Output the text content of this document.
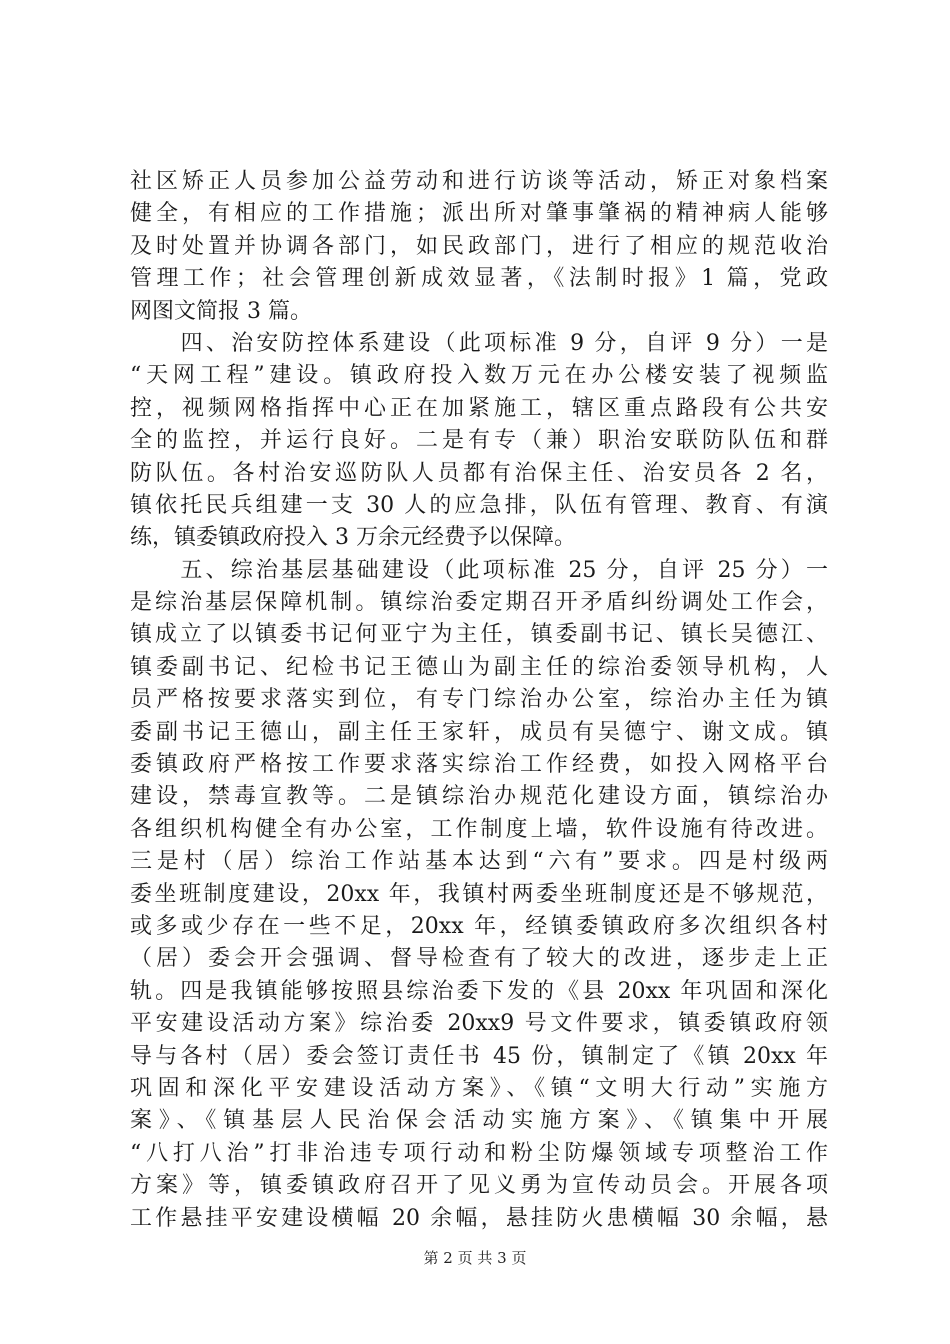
社区矫正人员参加公益劳动和进行访谈等活动，矫正对象档案
健全，有相应的工作措施；派出所对肇事肇祸的精神病人能够
及时处置并协调各部门，如民政部门，进行了相应的规范收治
管理工作；社会管理创新成效显著，《法制时报》1 篇，党政
网图文简报 3 篇。
　　四、治安防控体系建设（此项标准 9 分，自评 9 分）一是
“天网工程”建设。镇政府投入数万元在办公楼安装了视频监
控，视频网格指挥中心正在加紧施工，辖区重点路段有公共安
全的监控，并运行良好。二是有专（兼）职治安联防队伍和群
防队伍。各村治安巡防队人员都有治保主任、治安员各 2 名，
镇依托民兵组建一支 30 人的应急排，队伍有管理、教育、有演
练，镇委镇政府投入 3 万余元经费予以保障。
　　五、综治基层基础建设（此项标准 25 分，自评 25 分）一
是综治基层保障机制。镇综治委定期召开矛盾纠纷调处工作会，
镇成立了以镇委书记何亚宁为主任，镇委副书记、镇长吴德江、
镇委副书记、纪检书记王德山为副主任的综治委领导机构，人
员严格按要求落实到位，有专门综治办公室，综治办主任为镇
委副书记王德山，副主任王家轩，成员有吴德宁、谢文成。镇
委镇政府严格按工作要求落实综治工作经费，如投入网格平台
建设，禁毒宣教等。二是镇综治办规范化建设方面，镇综治办
各组织机构健全有办公室，工作制度上墙，软件设施有待改进。
三是村（居）综治工作站基本达到“六有”要求。四是村级两
委坐班制度建设，20xx 年，我镇村两委坐班制度还是不够规范，
或多或少存在一些不足，20xx 年，经镇委镇政府多次组织各村
（居）委会开会强调、督导检查有了较大的改进，逐步走上正
轨。四是我镇能够按照县综治委下发的《县 20xx 年巩固和深化
平安建设活动方案》综治委 20xx9 号文件要求，镇委镇政府领
导与各村（居）委会签订责任书 45 份，镇制定了《镇 20xx 年
巩固和深化平安建设活动方案》、《镇“文明大行动”实施方
案》、《镇基层人民治保会活动实施方案》、《镇集中开展
“八打八治”打非治违专项行动和粉尘防爆领域专项整治工作
方案》等，镇委镇政府召开了见义勇为宣传动员会。开展各项
工作悬挂平安建设横幅 20 余幅，悬挂防火患横幅 30 余幅，悬
第 2 页 共 3 页
